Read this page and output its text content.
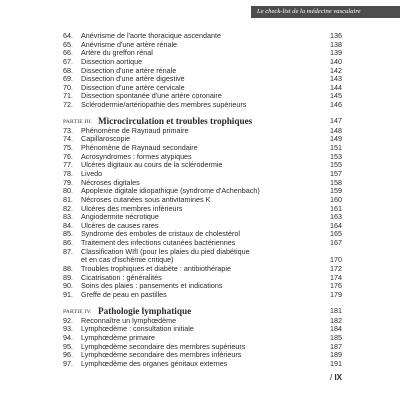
Le check-list de la médecine vasculaire
64. Anévrisme de l'aorte thoracique ascendante	136
65. Anévrisme d'une artère rénale	138
66. Artère du greffon rénal	139
67. Dissection aortique	140
68. Dissection d'une artère rénale	142
69. Dissection d'une artère digestive	143
70. Dissection d'une artère cervicale	144
71. Dissection spontanée d'une artère coronaire	145
72. Sclérodermie/artériopathie des membres supérieurs	146
PARTIE III. Microcirculation et troubles trophiques	147
73. Phénomène de Raynaud primaire	148
74. Capillaroscopie	149
75. Phénomène de Raynaud secondaire	151
76. Acrosyndromes : formes atypiques	153
77. Ulcères digitaux au cours de la sclérodermie	155
78. Livedo	157
79. Nécroses digitales	158
80. Apoplexie digitale idiopathique (syndrome d'Achenbach)	159
81. Nécroses cutanées sous antivitamines K	160
82. Ulcères des membres inférieurs	161
83. Angiodermite nécrotique	163
84. Ulcères de causes rares	164
85. Syndrome des emboles de cristaux de cholestérol	165
86. Traitement des infections cutanées bactériennes	167
87. Classification WIfI (pour les plaies du pied diabétique
et en cas d'ischémie critique)	170
88. Troubles trophiques et diabète : antibiothérapie	172
89. Cicatrisation : généralités	174
90. Soins des plaies : pansements et indications	176
91. Greffe de peau en pastilles	179
PARTIE IV. Pathologie lymphatique	181
92. Reconnaître un lymphœdème	182
93. Lymphœdème : consultation initiale	184
94. Lymphœdème primaire	185
95. Lymphœdème secondaire des membres supérieurs	187
96. Lymphœdème secondaire des membres inférieurs	189
97. Lymphœdème des organes génitaux externes	191
/ IX
